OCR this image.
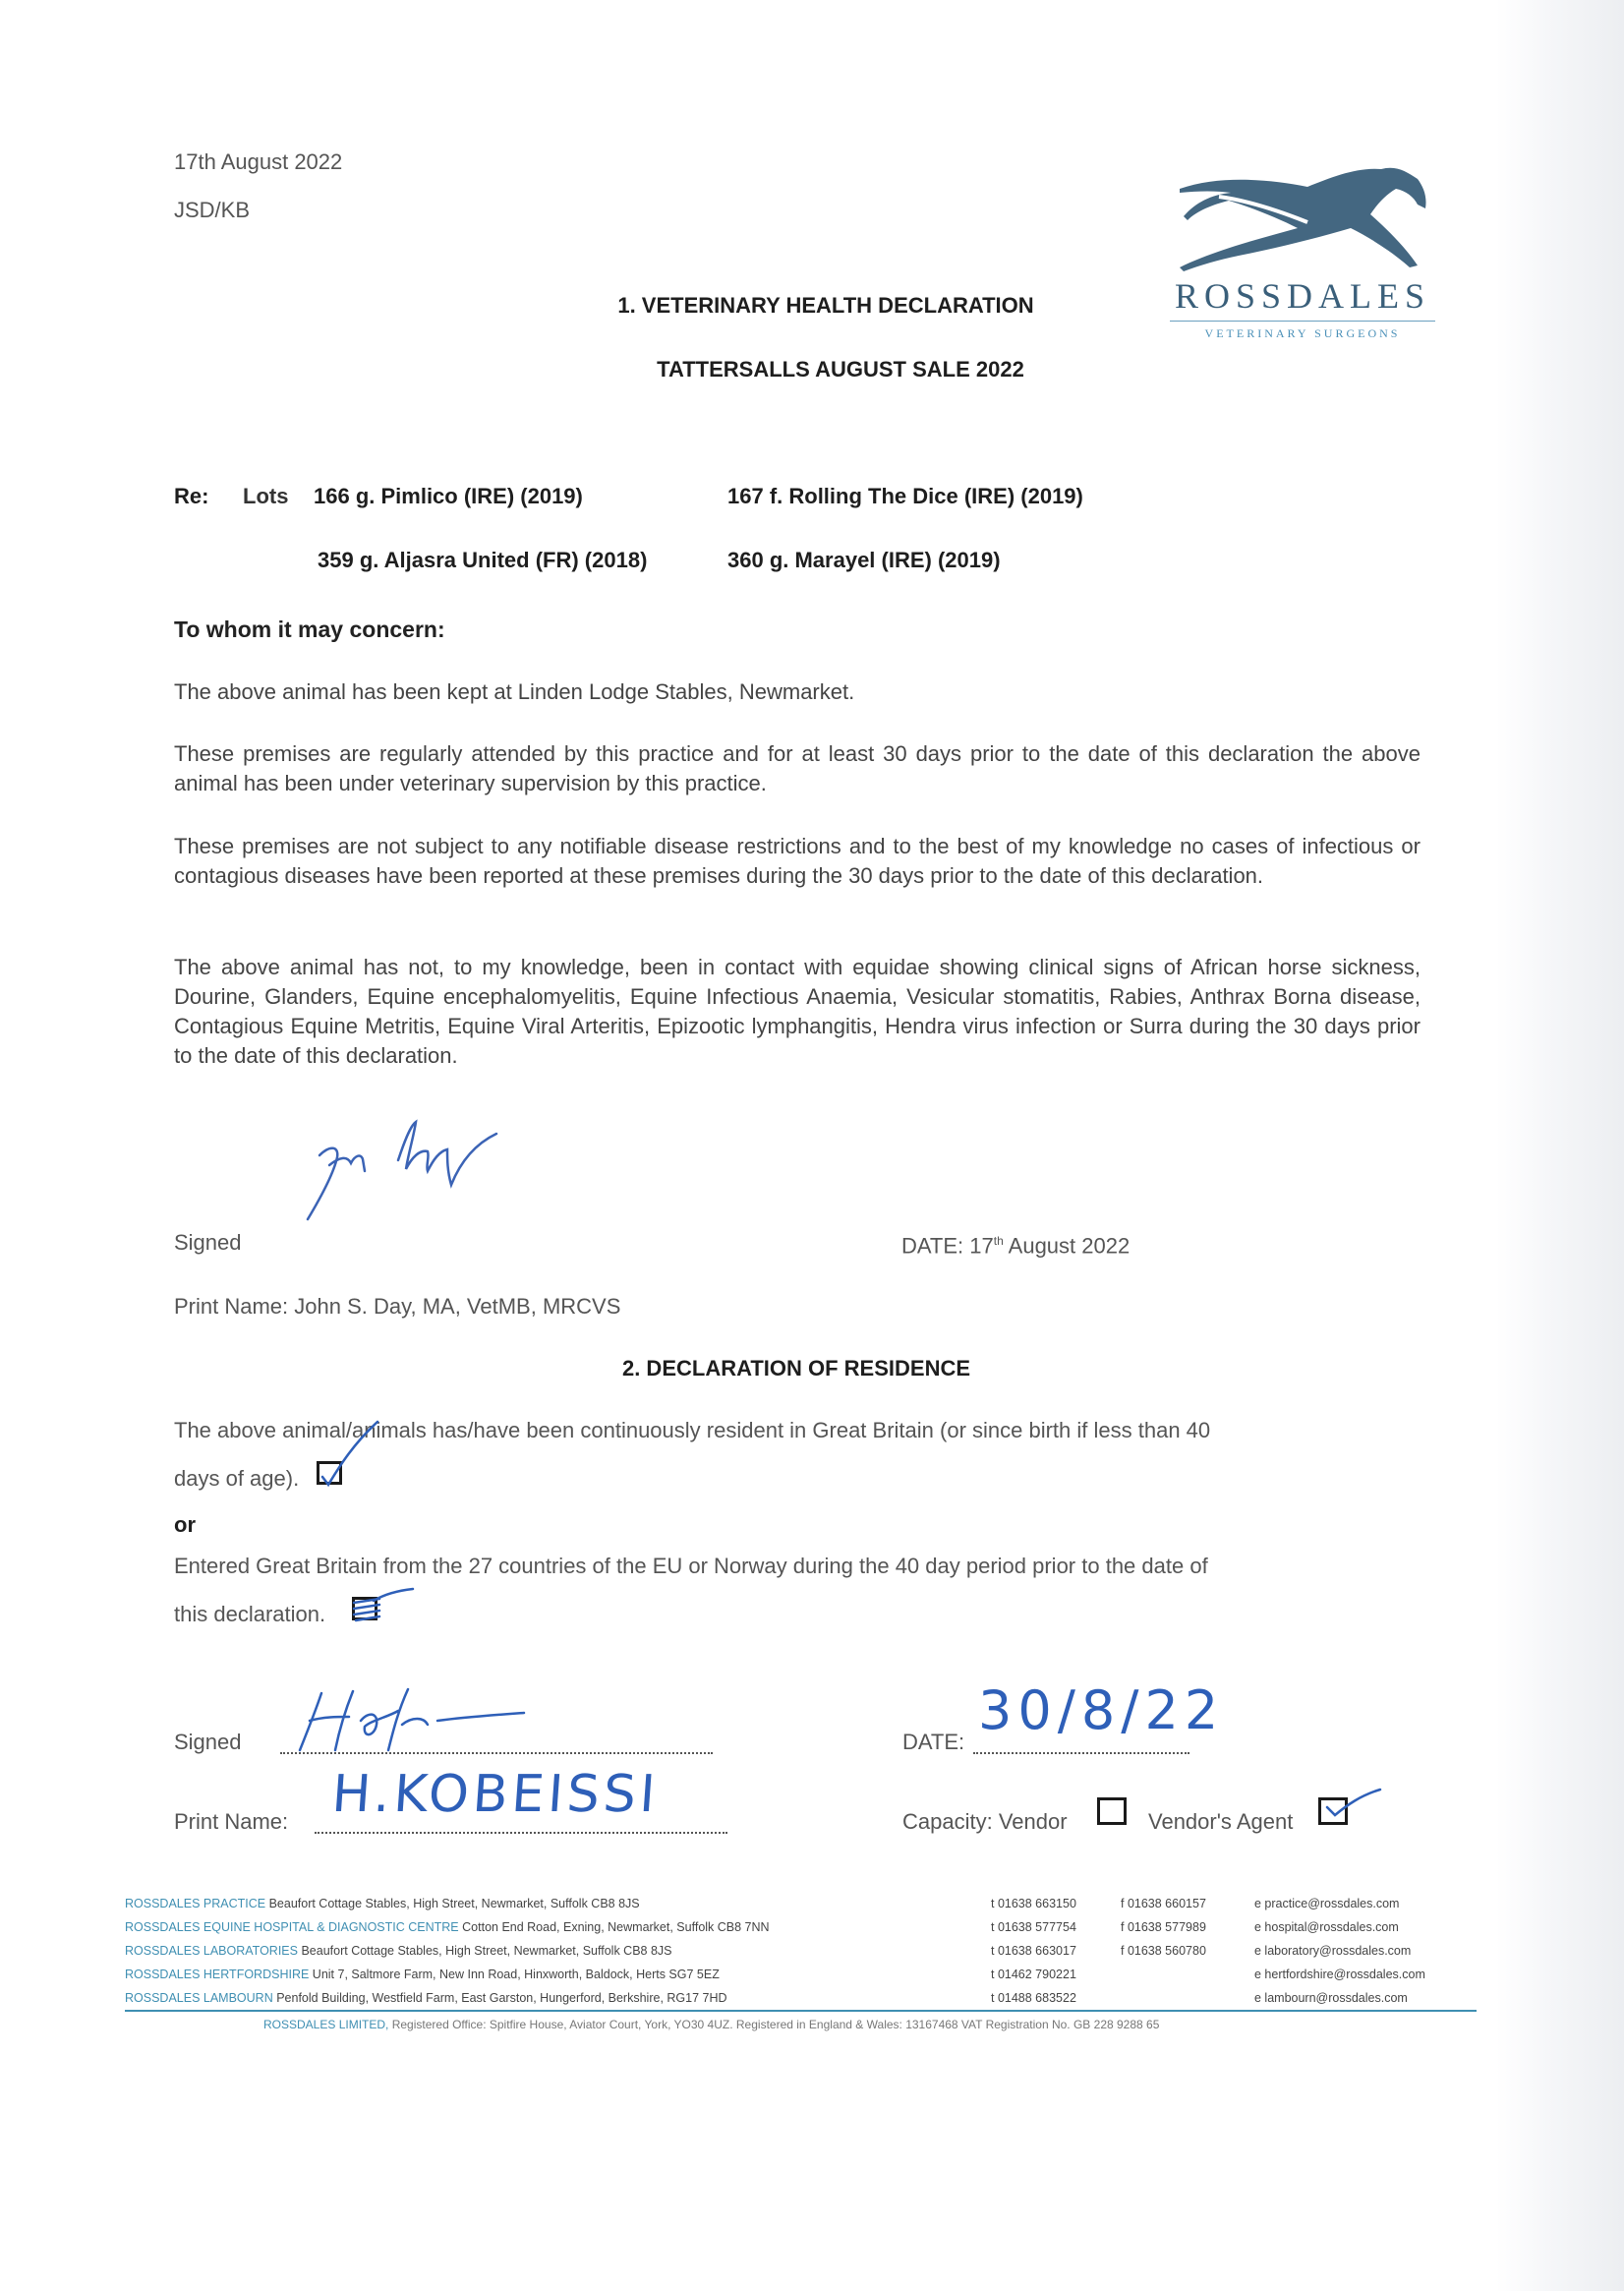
17th August 2022
JSD/KB
ROSSDALES
VETERINARY SURGEONS
1. VETERINARY HEALTH DECLARATION
TATTERSALLS AUGUST SALE 2022
Re: Lots 166 g. Pimlico (IRE) (2019)	167 f. Rolling The Dice (IRE) (2019)
359 g. Aljasra United (FR) (2018)	360 g. Marayel (IRE) (2019)
To whom it may concern:
The above animal has been kept at Linden Lodge Stables, Newmarket.
These premises are regularly attended by this practice and for at least 30 days prior to the date of this declaration the above animal has been under veterinary supervision by this practice.
These premises are not subject to any notifiable disease restrictions and to the best of my knowledge no cases of infectious or contagious diseases have been reported at these premises during the 30 days prior to the date of this declaration.
The above animal has not, to my knowledge, been in contact with equidae showing clinical signs of African horse sickness, Dourine, Glanders, Equine encephalomyelitis, Equine Infectious Anaemia, Vesicular stomatitis, Rabies, Anthrax Borna disease, Contagious Equine Metritis, Equine Viral Arteritis, Epizootic lymphangitis, Hendra virus infection or Surra during the 30 days prior to the date of this declaration.
Signed	DATE: 17th August 2022
Print Name: John S. Day, MA, VetMB, MRCVS
2. DECLARATION OF RESIDENCE
The above animal/animals has/have been continuously resident in Great Britain (or since birth if less than 40
days of age).
or
Entered Great Britain from the 27 countries of the EU or Norway during the 40 day period prior to the date of
this declaration.
Signed
Print Name: H.KOBEISSI
DATE:
30/8/22
Capacity: Vendor	Vendor's Agent
ROSSDALES PRACTICE Beaufort Cottage Stables, High Street, Newmarket, Suffolk CB8 8JS	t 01638 663150	f 01638 660157	e practice@rossdales.com
ROSSDALES EQUINE HOSPITAL & DIAGNOSTIC CENTRE Cotton End Road, Exning, Newmarket, Suffolk CB8 7NN	t 01638 577754	f 01638 577989	e hospital@rossdales.com
ROSSDALES LABORATORIES Beaufort Cottage Stables, High Street, Newmarket, Suffolk CB8 8JS	t 01638 663017	f 01638 560780	e laboratory@rossdales.com
ROSSDALES HERTFORDSHIRE Unit 7, Saltmore Farm, New Inn Road, Hinxworth, Baldock, Herts SG7 5EZ	t 01462 790221	e hertfordshire@rossdales.com
ROSSDALES LAMBOURN Penfold Building, Westfield Farm, East Garston, Hungerford, Berkshire, RG17 7HD	t 01488 683522	e lambourn@rossdales.com
ROSSDALES LIMITED, Registered Office: Spitfire House, Aviator Court, York, YO30 4UZ. Registered in England & Wales: 13167468 VAT Registration No. GB 228 9288 65
